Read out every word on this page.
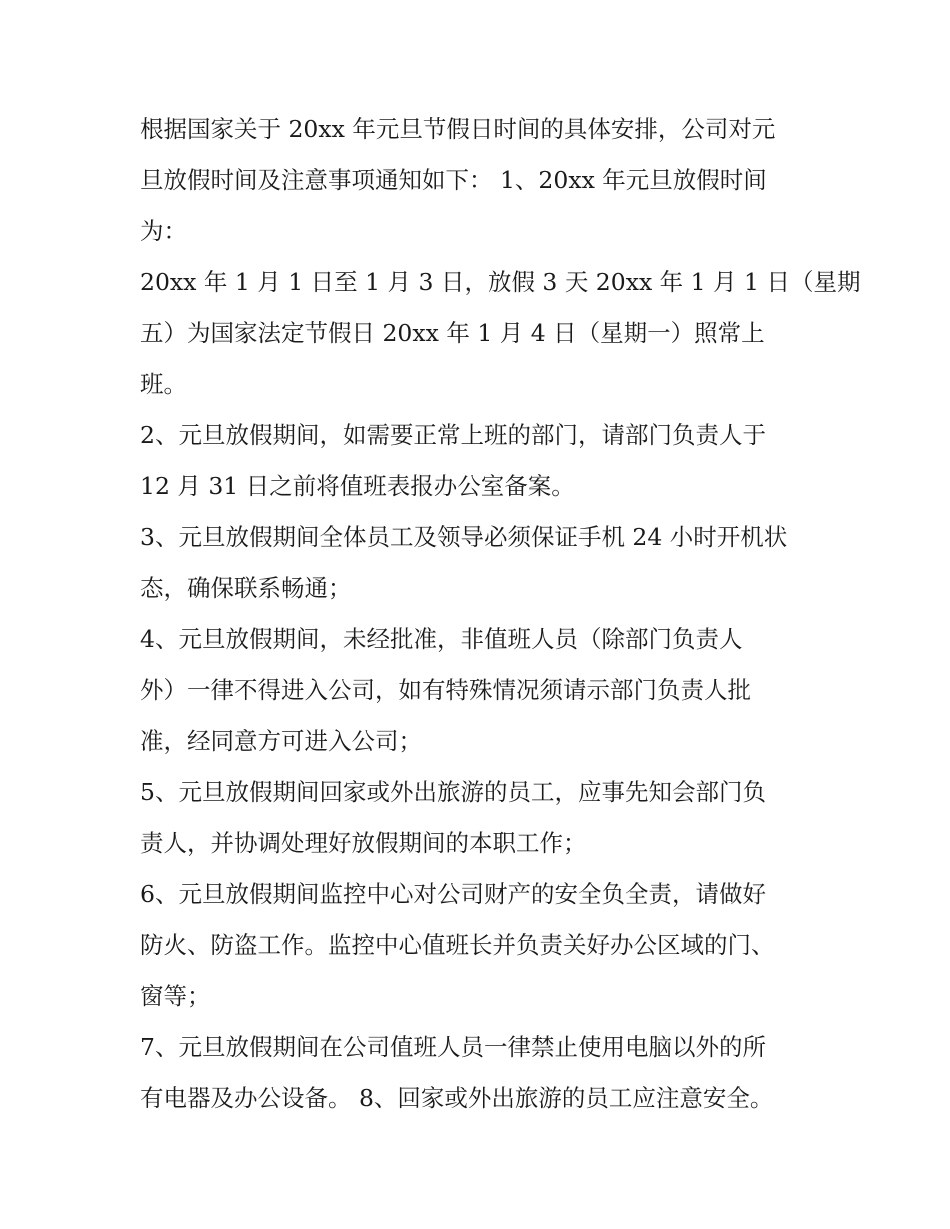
根据国家关于 20xx 年元旦节假日时间的具体安排，公司对元
旦放假时间及注意事项通知如下： 1、20xx 年元旦放假时间
为：
20xx 年 1 月 1 日至 1 月 3 日，放假 3 天 20xx 年 1 月 1 日（星期
五）为国家法定节假日 20xx 年 1 月 4 日（星期一）照常上
班。
2、元旦放假期间，如需要正常上班的部门，请部门负责人于
12 月 31 日之前将值班表报办公室备案。
3、元旦放假期间全体员工及领导必须保证手机 24 小时开机状
态，确保联系畅通；
4、元旦放假期间，未经批准，非值班人员（除部门负责人
外）一律不得进入公司，如有特殊情况须请示部门负责人批
准，经同意方可进入公司；
5、元旦放假期间回家或外出旅游的员工，应事先知会部门负
责人，并协调处理好放假期间的本职工作；
6、元旦放假期间监控中心对公司财产的安全负全责，请做好
防火、防盗工作。监控中心值班长并负责关好办公区域的门、
窗等；
7、元旦放假期间在公司值班人员一律禁止使用电脑以外的所
有电器及办公设备。 8、回家或外出旅游的员工应注意安全。
